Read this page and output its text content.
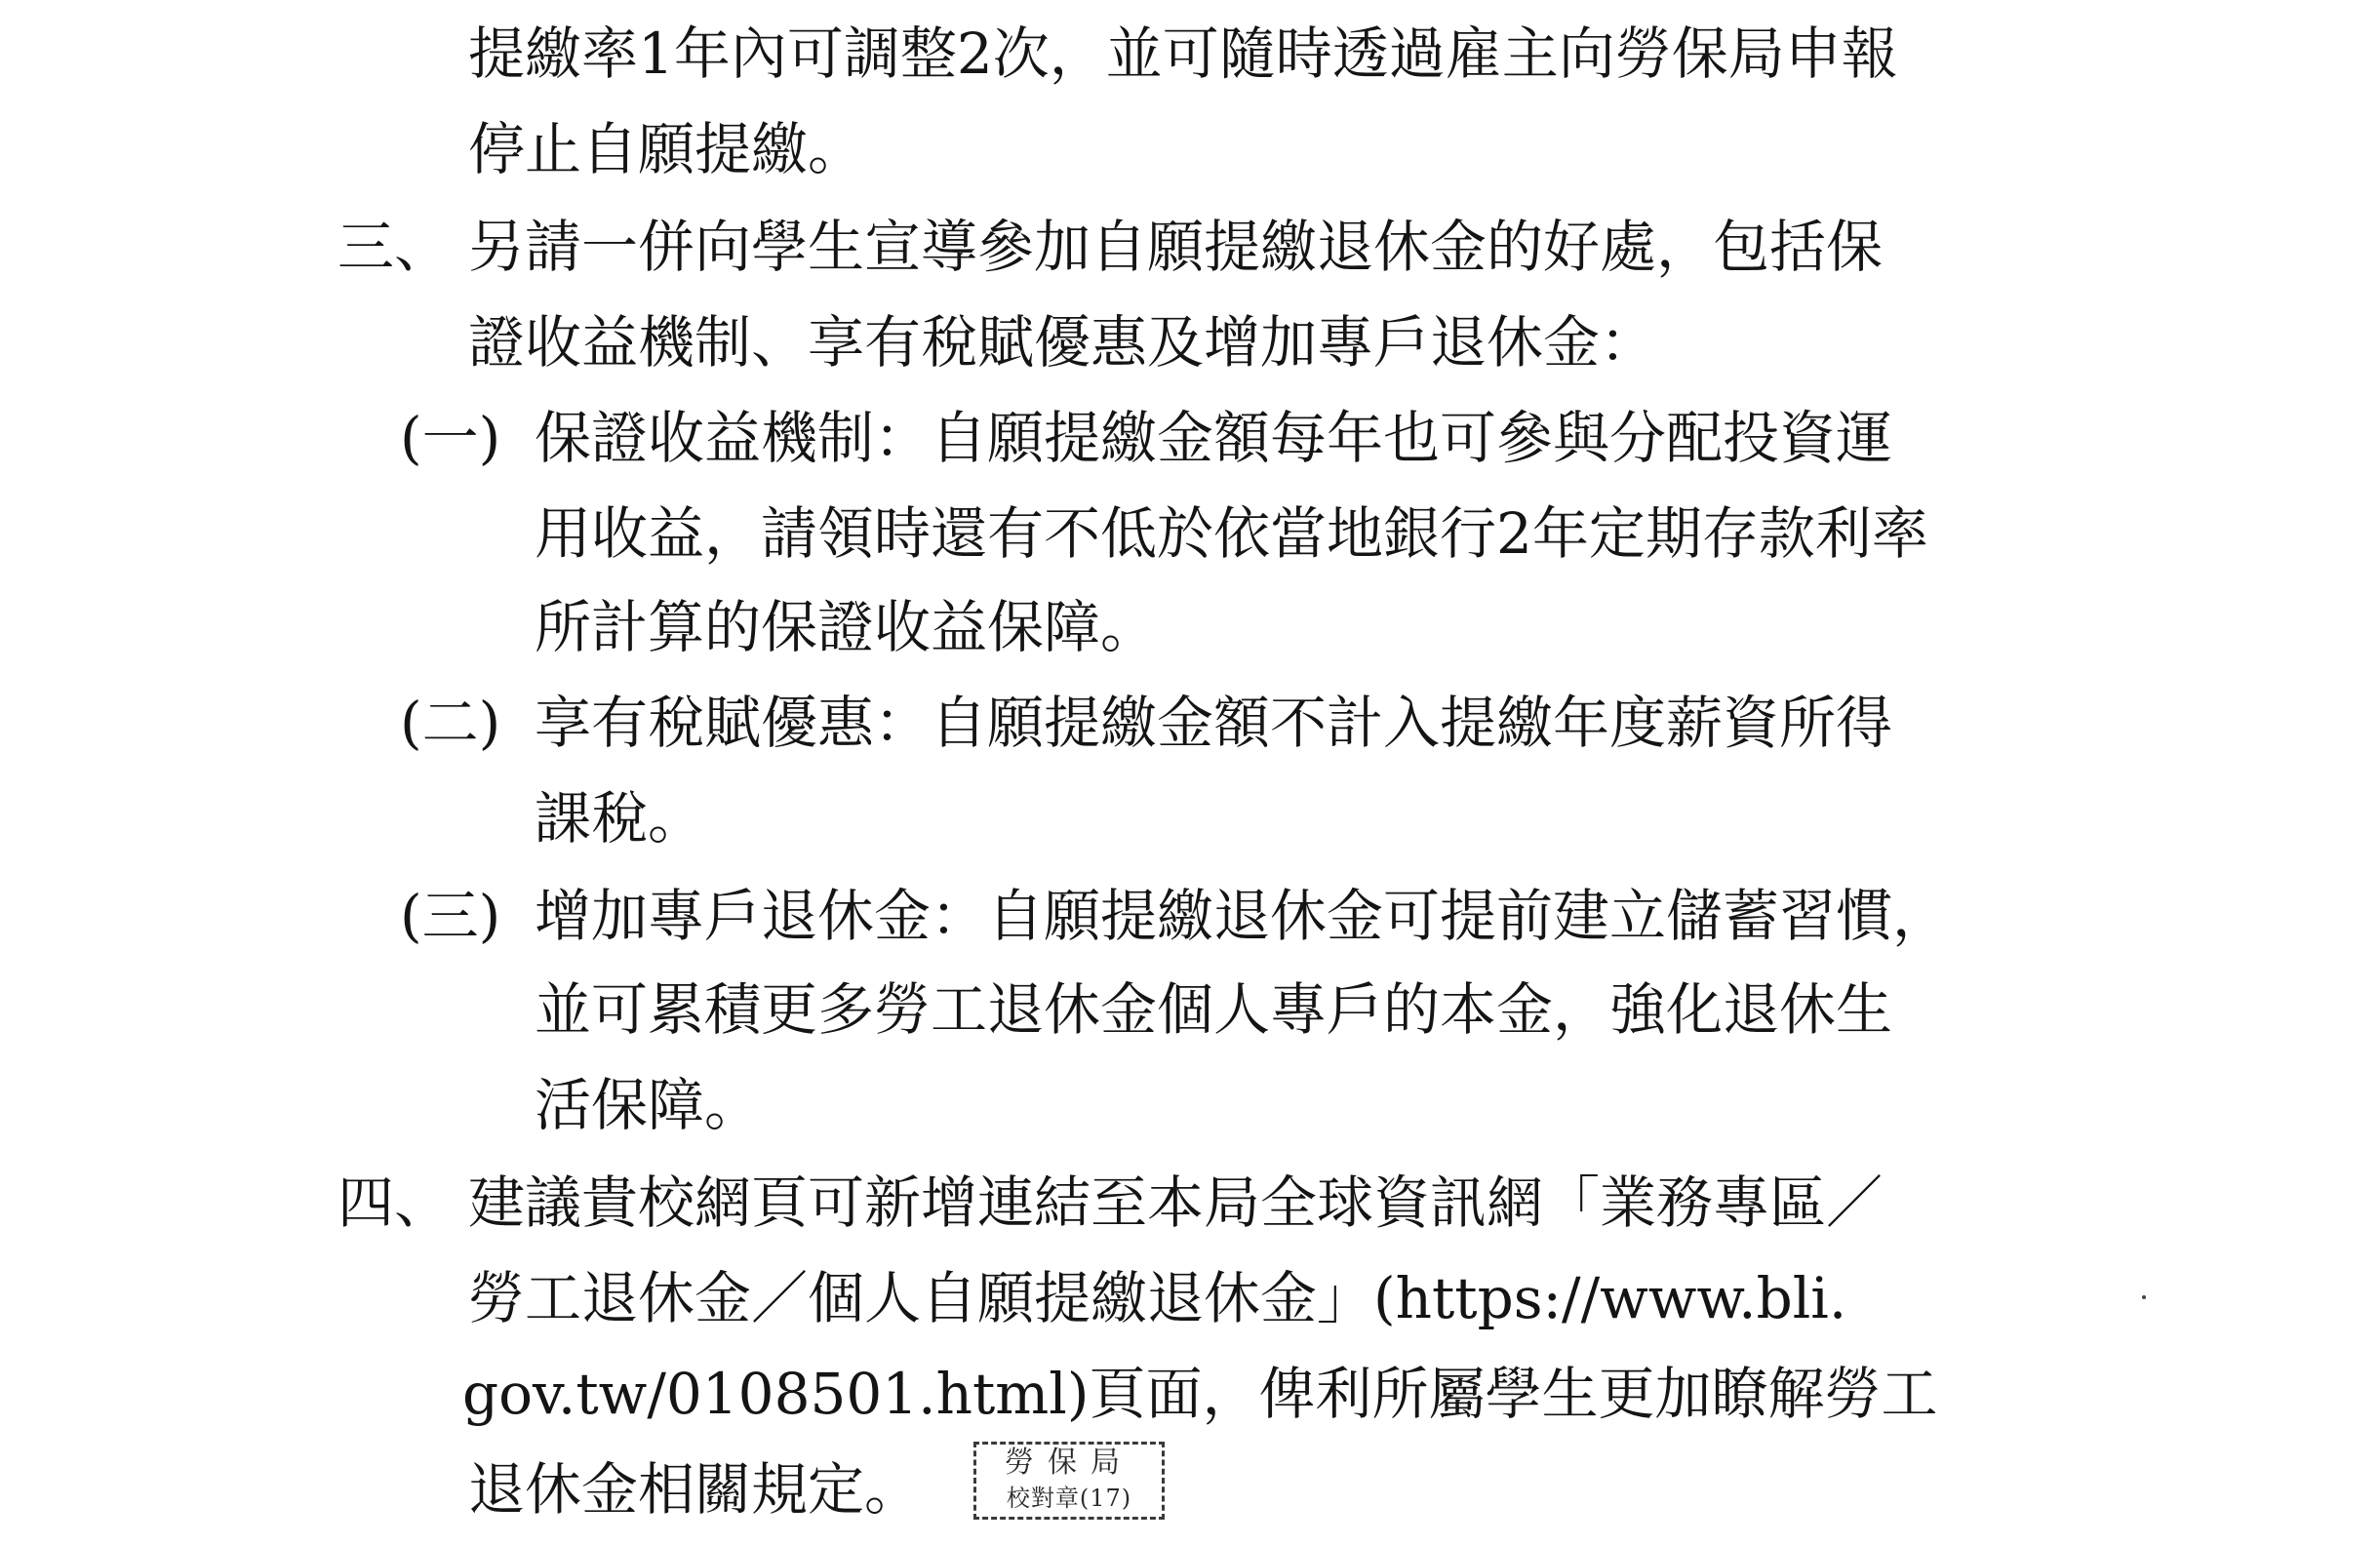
提繳率1年內可調整2次，並可隨時透過雇主向勞保局申報
停止自願提繳。
三、 另請一併向學生宣導參加自願提繳退休金的好處，包括保
證收益機制、享有稅賦優惠及增加專戶退休金：
(一) 保證收益機制：自願提繳金額每年也可參與分配投資運
用收益，請領時還有不低於依當地銀行2年定期存款利率
所計算的保證收益保障。
(二) 享有稅賦優惠：自願提繳金額不計入提繳年度薪資所得
課稅。
(三) 增加專戶退休金：自願提繳退休金可提前建立儲蓄習慣，
並可累積更多勞工退休金個人專戶的本金，強化退休生
活保障。
四、 建議貴校網頁可新增連結至本局全球資訊網「業務專區／
勞工退休金／個人自願提繳退休金」(https://www.bli.
gov.tw/0108501.html)頁面，俾利所屬學生更加瞭解勞工
退休金相關規定。	勞保局
校對章(17)
